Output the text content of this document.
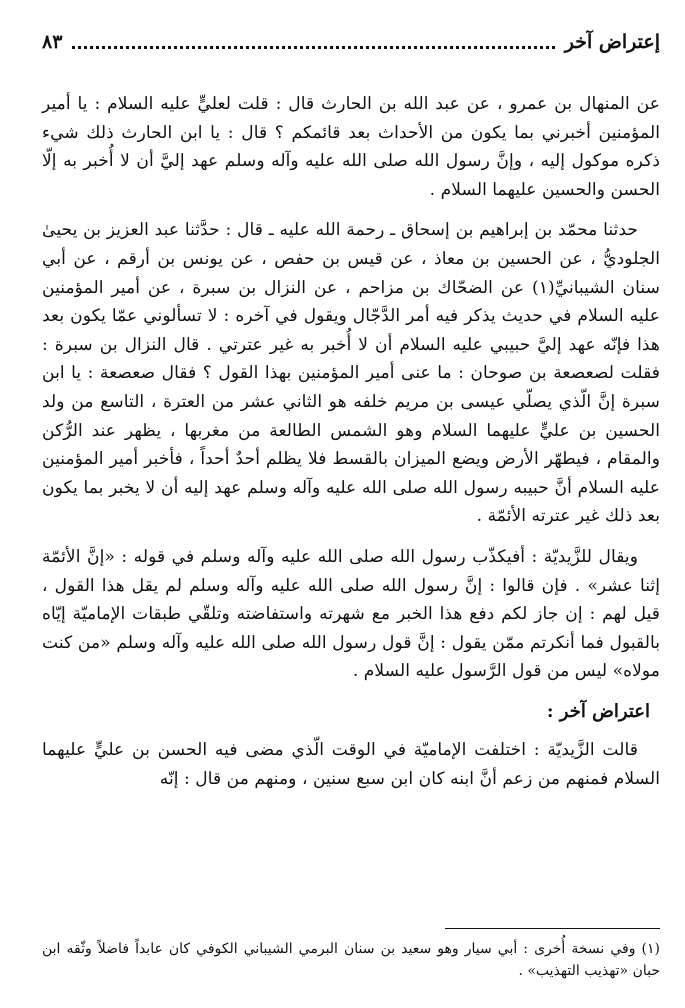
إعتراض آخر
٨٣

عن المنهال بن عمرو ، عن عبد الله بن الحارث قال : قلت لعليٍّ عليه السلام : يا أمير المؤمنين أخبرني بما يكون من الأحداث بعد قائمكم ؟ قال : يا ابن الحارث ذلك شيء ذكره موكول إليه ، وإنَّ رسول الله صلى الله عليه وآله وسلم عهد إليَّ أن لا أُخبر به إلّا الحسن والحسين عليهما السلام .

حدثنا محمّد بن إبراهيم بن إسحاق ـ رحمة الله عليه ـ قال : حدَّثنا عبد العزيز بن يحيىٰ الجلوديُّ ، عن الحسين بن معاذ ، عن قيس بن حفص ، عن يونس بن أرقم ، عن أبي سنان الشيبانيِّ(١) عن الضحّاك بن مزاحم ، عن النزال بن سبرة ، عن أمير المؤمنين عليه السلام في حديث يذكر فيه أمر الدَّجّال ويقول في آخره : لا تسألوني عمّا يكون بعد هذا فإنّه عهد إليَّ حبيبي عليه السلام أن لا أُخبر به غير عترتي . قال النزال بن سبرة : فقلت لصعصعة بن صوحان : ما عنى أمير المؤمنين بهذا القول ؟ فقال صعصعة : يا ابن سبرة إنَّ الّذي يصلّي عيسى بن مريم خلفه هو الثاني عشر من العترة ، التاسع من ولد الحسين بن عليٍّ عليهما السلام وهو الشمس الطالعة من مغربها ، يظهر عند الرُّكن والمقام ، فيطهّر الأرض ويضع الميزان بالقسط فلا يظلم أحدٌ أحداً ، فأخبر أمير المؤمنين عليه السلام أنَّ حبيبه رسول الله صلى الله عليه وآله وسلم عهد إليه أن لا يخبر بما يكون بعد ذلك غير عترته الأئمّة .

ويقال للزَّيديّة : أفيكذّب رسول الله صلى الله عليه وآله وسلم في قوله : «إنَّ الأئمّة إثنا عشر» . فإن قالوا : إنَّ رسول الله صلى الله عليه وآله وسلم لم يقل هذا القول ، قيل لهم : إن جاز لكم دفع هذا الخبر مع شهرته واستفاضته وتلقّي طبقات الإماميّة إيّاه بالقبول فما أنكرتم ممّن يقول : إنَّ قول رسول الله صلى الله عليه وآله وسلم «من كنت مولاه» ليس من قول الرَّسول عليه السلام .

اعتراض آخر :

قالت الزَّيديّة : اختلفت الإماميّة في الوقت الّذي مضى فيه الحسن بن عليٍّ عليهما السلام فمنهم من زعم أنَّ ابنه كان ابن سبع سنين ، ومنهم من قال : إنّه

(١) وفي نسخة أُخرى : أبي سيار وهو سعيد بن سنان البرمي الشيباني الكوفي كان عابداً فاضلاً وثّقه ابن حبان «تهذيب التهذيب» .
